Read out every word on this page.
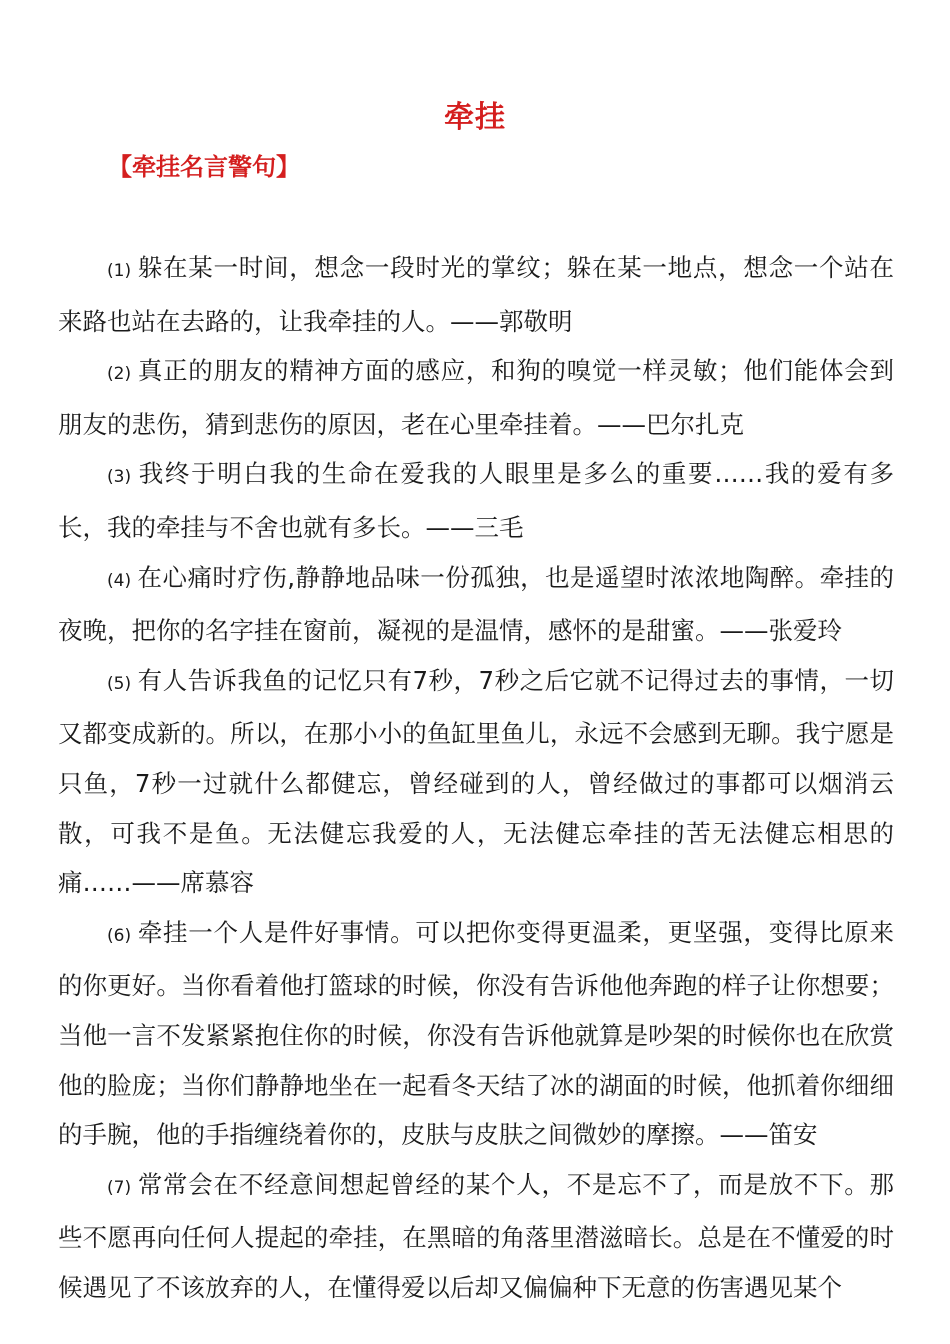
牵挂
【牵挂名言警句】

(1) 躲在某一时间，想念一段时光的掌纹；躲在某一地点，想念一个站在来路也站在去路的，让我牵挂的人。——郭敬明

(2) 真正的朋友的精神方面的感应，和狗的嗅觉一样灵敏；他们能体会到朋友的悲伤，猜到悲伤的原因，老在心里牵挂着。——巴尔扎克

(3) 我终于明白我的生命在爱我的人眼里是多么的重要……我的爱有多长，我的牵挂与不舍也就有多长。——三毛

(4) 在心痛时疗伤,静静地品味一份孤独，也是遥望时浓浓地陶醉。牵挂的夜晚，把你的名字挂在窗前，凝视的是温情，感怀的是甜蜜。——张爱玲

(5) 有人告诉我鱼的记忆只有7秒，7秒之后它就不记得过去的事情，一切又都变成新的。所以，在那小小的鱼缸里鱼儿，永远不会感到无聊。我宁愿是只鱼，7秒一过就什么都健忘，曾经碰到的人，曾经做过的事都可以烟消云散，可我不是鱼。无法健忘我爱的人，无法健忘牵挂的苦无法健忘相思的痛……——席慕容

(6) 牵挂一个人是件好事情。可以把你变得更温柔，更坚强，变得比原来的你更好。当你看着他打篮球的时候，你没有告诉他他奔跑的样子让你想要；当他一言不发紧紧抱住你的时候，你没有告诉他就算是吵架的时候你也在欣赏他的脸庞；当你们静静地坐在一起看冬天结了冰的湖面的时候，他抓着你细细的手腕，他的手指缠绕着你的，皮肤与皮肤之间微妙的摩擦。——笛安

(7) 常常会在不经意间想起曾经的某个人，不是忘不了，而是放不下。那些不愿再向任何人提起的牵挂，在黑暗的角落里潜滋暗长。总是在不懂爱的时候遇见了不该放弃的人，在懂得爱以后却又偏偏种下无意的伤害遇见某个
